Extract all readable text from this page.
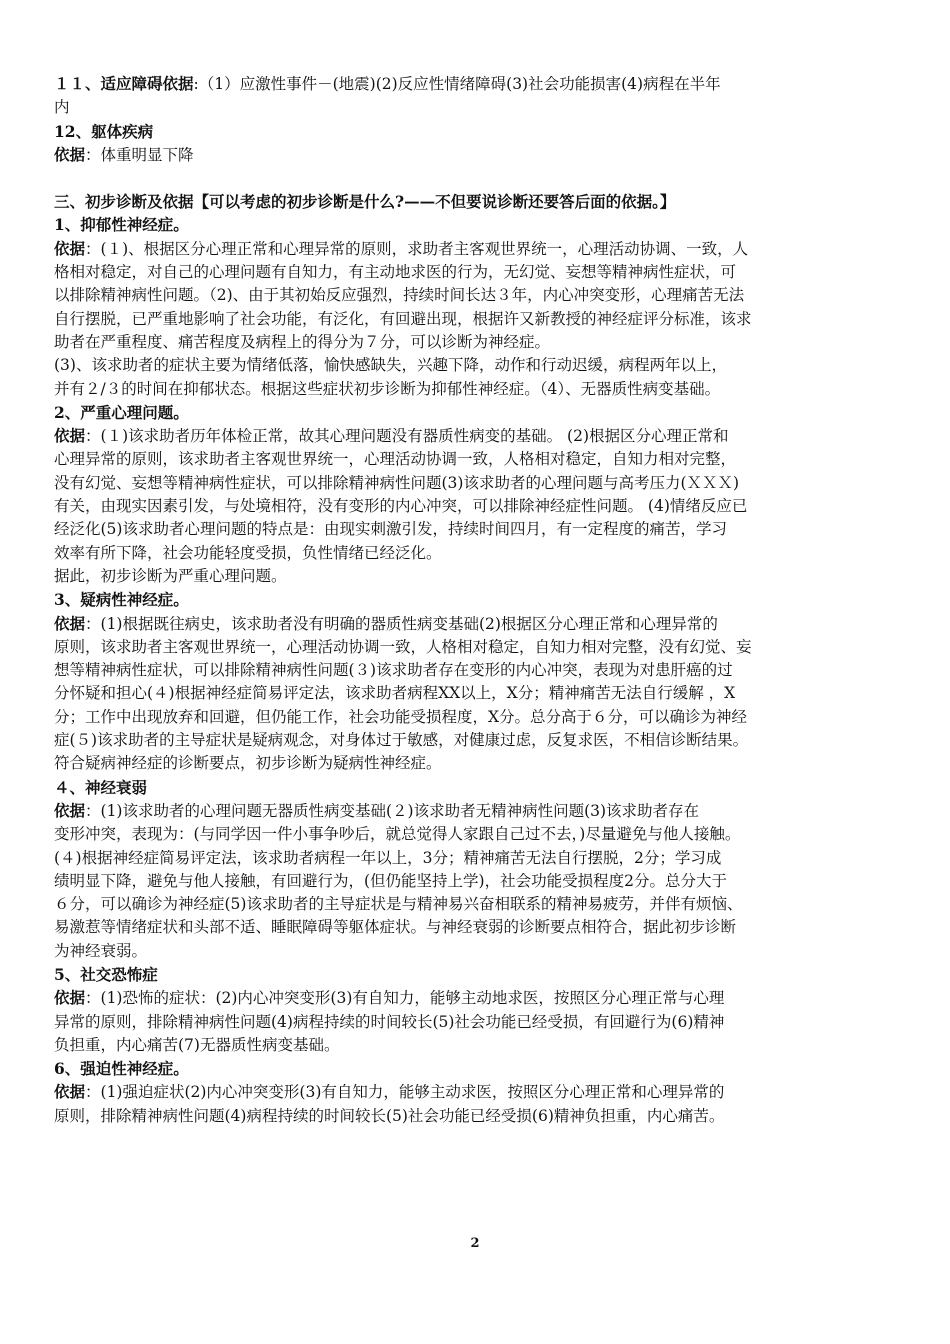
１１、适应障碍依据:（1）应激性事件－(地震)(2)反应性情绪障碍(3)社会功能损害(4)病程在半年
内
12、躯体疾病
依据：体重明显下降
三、初步诊断及依据【可以考虑的初步诊断是什么?——不但要说诊断还要答后面的依据。】
1、抑郁性神经症。
依据：(１)、根据区分心理正常和心理异常的原则，求助者主客观世界统一，心理活动协调、一致，人
格相对稳定，对自己的心理问题有自知力，有主动地求医的行为，无幻觉、妄想等精神病性症状，可
以排除精神病性问题。（2)、由于其初始反应强烈，持续时间长达３年，内心冲突变形，心理痛苦无法
自行摆脱，已严重地影响了社会功能，有泛化，有回避出现，根据许又新教授的神经症评分标准，该求
助者在严重程度、痛苦程度及病程上的得分为７分，可以诊断为神经症。
(3)、该求助者的症状主要为情绪低落，愉快感缺失，兴趣下降，动作和行动迟缓，病程两年以上，
并有２/３的时间在抑郁状态。根据这些症状初步诊断为抑郁性神经症。（4）、无器质性病变基础。
2、严重心理问题。
依据：(１)该求助者历年体检正常，故其心理问题没有器质性病变的基础。 (2)根据区分心理正常和
心理异常的原则，该求助者主客观世界统一，心理活动协调一致，人格相对稳定，自知力相对完整，
没有幻觉、妄想等精神病性症状，可以排除精神病性问题(3)该求助者的心理问题与高考压力(ＸＸＸ)
有关，由现实因素引发，与处境相符，没有变形的内心冲突，可以排除神经症性问题。 (4)情绪反应已
经泛化(5)该求助者心理问题的特点是：由现实刺激引发，持续时间四月，有一定程度的痛苦，学习
效率有所下降，社会功能轻度受损，负性情绪已经泛化。
据此，初步诊断为严重心理问题。
3、疑病性神经症。
依据：(1)根据既往病史，该求助者没有明确的器质性病变基础(2)根据区分心理正常和心理异常的
原则，该求助者主客观世界统一，心理活动协调一致，人格相对稳定，自知力相对完整，没有幻觉、妄
想等精神病性症状，可以排除精神病性问题(３)该求助者存在变形的内心冲突，表现为对患肝癌的过
分怀疑和担心(４)根据神经症简易评定法，该求助者病程XX以上，X分；精神痛苦无法自行缓解 ，X
分；工作中出现放弃和回避，但仍能工作，社会功能受损程度，X分。总分高于６分，可以确诊为神经
症(５)该求助者的主导症状是疑病观念，对身体过于敏感，对健康过虑，反复求医，不相信诊断结果。
符合疑病神经症的诊断要点，初步诊断为疑病性神经症。
４、神经衰弱
依据：(1)该求助者的心理问题无器质性病变基础(２)该求助者无精神病性问题(3)该求助者存在
变形冲突，表现为：(与同学因一件小事争吵后，就总觉得人家跟自己过不去，)尽量避免与他人接触。
(４)根据神经症简易评定法，该求助者病程一年以上，3分；精神痛苦无法自行摆脱，2分；学习成
绩明显下降，避免与他人接触，有回避行为，(但仍能坚持上学)，社会功能受损程度2分。总分大于
６分，可以确诊为神经症(5)该求助者的主导症状是与精神易兴奋相联系的精神易疲劳，并伴有烦恼、
易激惹等情绪症状和头部不适、睡眠障碍等躯体症状。与神经衰弱的诊断要点相符合，据此初步诊断
为神经衰弱。
5、社交恐怖症
依据：(1)恐怖的症状：(2)内心冲突变形(3)有自知力，能够主动地求医，按照区分心理正常与心理
异常的原则，排除精神病性问题(4)病程持续的时间较长(5)社会功能已经受损，有回避行为(6)精神
负担重，内心痛苦(7)无器质性病变基础。
6、强迫性神经症。
依据：(1)强迫症状(2)内心冲突变形(3)有自知力，能够主动求医，按照区分心理正常和心理异常的
原则，排除精神病性问题(4)病程持续的时间较长(5)社会功能已经受损(6)精神负担重，内心痛苦。
2
